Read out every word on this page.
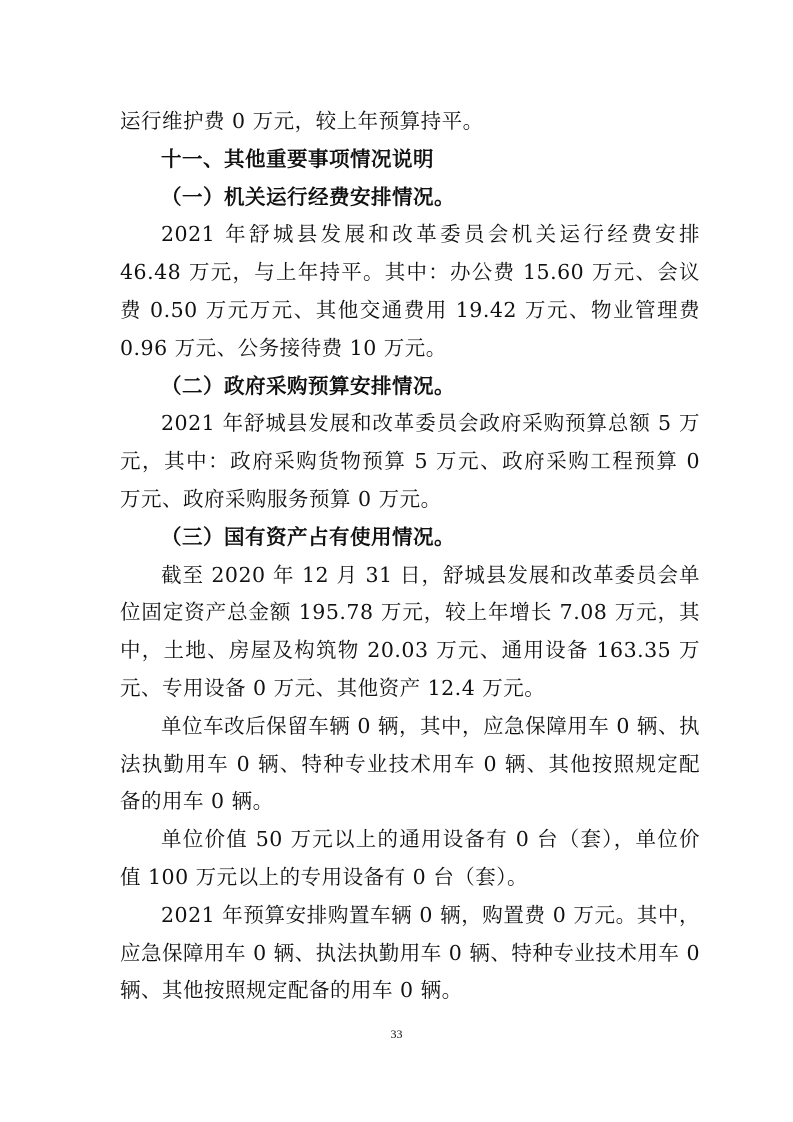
运行维护费 0 万元，较上年预算持平。

十一、其他重要事项情况说明

（一）机关运行经费安排情况。

2021 年舒城县发展和改革委员会机关运行经费安排 46.48 万元，与上年持平。其中：办公费 15.60 万元、会议费 0.50 万元万元、其他交通费用 19.42 万元、物业管理费 0.96 万元、公务接待费 10 万元。

（二）政府采购预算安排情况。

2021 年舒城县发展和改革委员会政府采购预算总额 5 万元，其中：政府采购货物预算 5 万元、政府采购工程预算 0 万元、政府采购服务预算 0 万元。

（三）国有资产占有使用情况。

截至 2020 年 12 月 31 日，舒城县发展和改革委员会单位固定资产总金额 195.78 万元，较上年增长 7.08 万元，其中，土地、房屋及构筑物 20.03 万元、通用设备 163.35 万元、专用设备 0 万元、其他资产 12.4 万元。

单位车改后保留车辆 0 辆，其中，应急保障用车 0 辆、执法执勤用车 0 辆、特种专业技术用车 0 辆、其他按照规定配备的用车 0 辆。

单位价值 50 万元以上的通用设备有 0 台（套），单位价值 100 万元以上的专用设备有 0 台（套）。

2021 年预算安排购置车辆 0 辆，购置费 0 万元。其中，应急保障用车 0 辆、执法执勤用车 0 辆、特种专业技术用车 0 辆、其他按照规定配备的用车 0 辆。

33
